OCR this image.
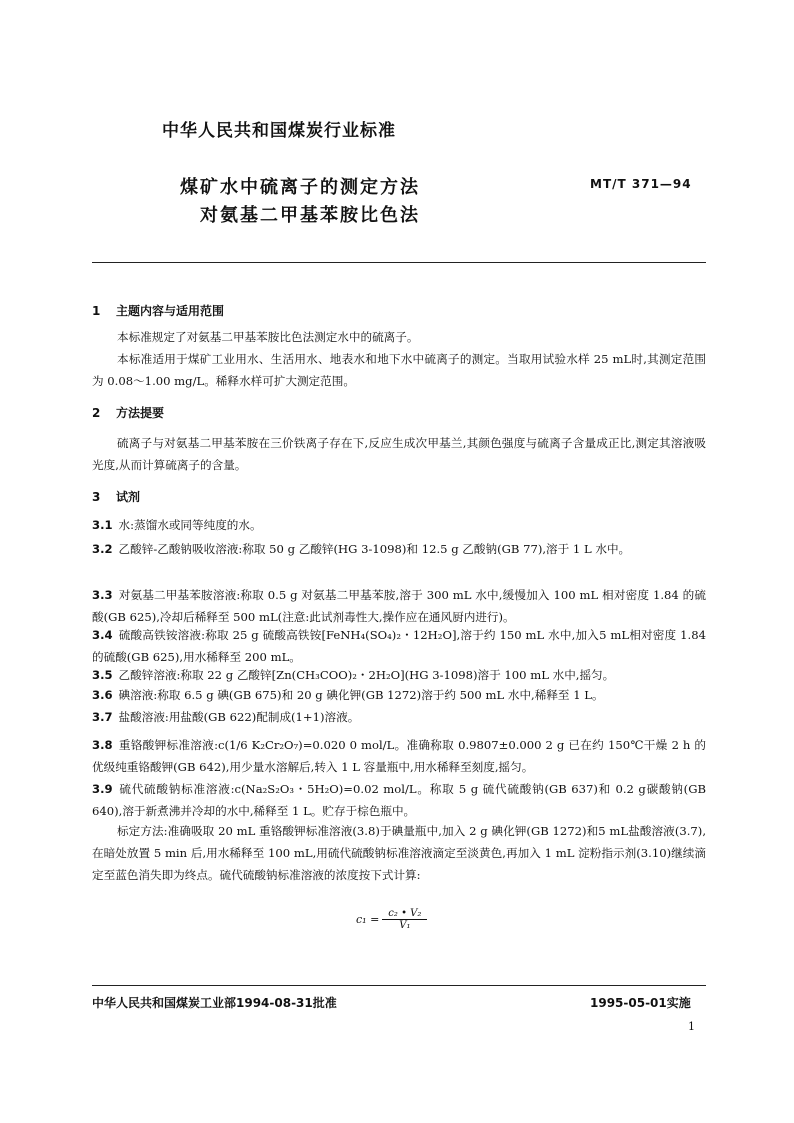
中华人民共和国煤炭行业标准
煤矿水中硫离子的测定方法
对氨基二甲基苯胺比色法
MT/T 371—94
1 主题内容与适用范围
本标准规定了对氨基二甲基苯胺比色法测定水中的硫离子。
本标准适用于煤矿工业用水、生活用水、地表水和地下水中硫离子的测定。当取用试验水样 25 mL时,其测定范围为 0.08～1.00 mg/L。稀释水样可扩大测定范围。
2 方法提要
硫离子与对氨基二甲基苯胺在三价铁离子存在下,反应生成次甲基兰,其颜色强度与硫离子含量成正比,测定其溶液吸光度,从而计算硫离子的含量。
3 试剂
3.1 水:蒸馏水或同等纯度的水。
3.2 乙酸锌-乙酸钠吸收溶液:称取 50 g 乙酸锌(HG 3-1098)和 12.5 g 乙酸钠(GB 77),溶于 1 L 水中。
3.3 对氨基二甲基苯胺溶液:称取 0.5 g 对氨基二甲基苯胺,溶于 300 mL 水中,缓慢加入 100 mL 相对密度 1.84 的硫酸(GB 625),冷却后稀释至 500 mL(注意:此试剂毒性大,操作应在通风厨内进行)。
3.4 硫酸高铁铵溶液:称取 25 g 硫酸高铁铵[FeNH₄(SO₄)₂・12H₂O],溶于约 150 mL 水中,加入5 mL相对密度 1.84 的硫酸(GB 625),用水稀释至 200 mL。
3.5 乙酸锌溶液:称取 22 g 乙酸锌[Zn(CH₃COO)₂・2H₂O](HG 3-1098)溶于 100 mL 水中,摇匀。
3.6 碘溶液:称取 6.5 g 碘(GB 675)和 20 g 碘化钾(GB 1272)溶于约 500 mL 水中,稀释至 1 L。
3.7 盐酸溶液:用盐酸(GB 622)配制成(1+1)溶液。
3.8 重铬酸钾标准溶液:c(1/6 K₂Cr₂O₇)=0.020 0 mol/L。准确称取 0.9807±0.000 2 g 已在约 150℃干燥 2 h 的优级纯重铬酸钾(GB 642),用少量水溶解后,转入 1 L 容量瓶中,用水稀释至刻度,摇匀。
3.9 硫代硫酸钠标准溶液:c(Na₂S₂O₃・5H₂O)=0.02 mol/L。称取 5 g 硫代硫酸钠(GB 637)和 0.2 g碳酸钠(GB 640),溶于新煮沸并冷却的水中,稀释至 1 L。贮存于棕色瓶中。
标定方法:准确吸取 20 mL 重铬酸钾标准溶液(3.8)于碘量瓶中,加入 2 g 碘化钾(GB 1272)和5 mL盐酸溶液(3.7),在暗处放置 5 min 后,用水稀释至 100 mL,用硫代硫酸钠标准溶液滴定至淡黄色,再加入 1 mL 淀粉指示剂(3.10)继续滴定至蓝色消失即为终点。硫代硫酸钠标准溶液的浓度按下式计算:
$c_1 = \frac{\text{c₂ • V₂}}{\text{V₁}}$
中华人民共和国煤炭工业部1994-08-31批准	1995-05-01实施
1
